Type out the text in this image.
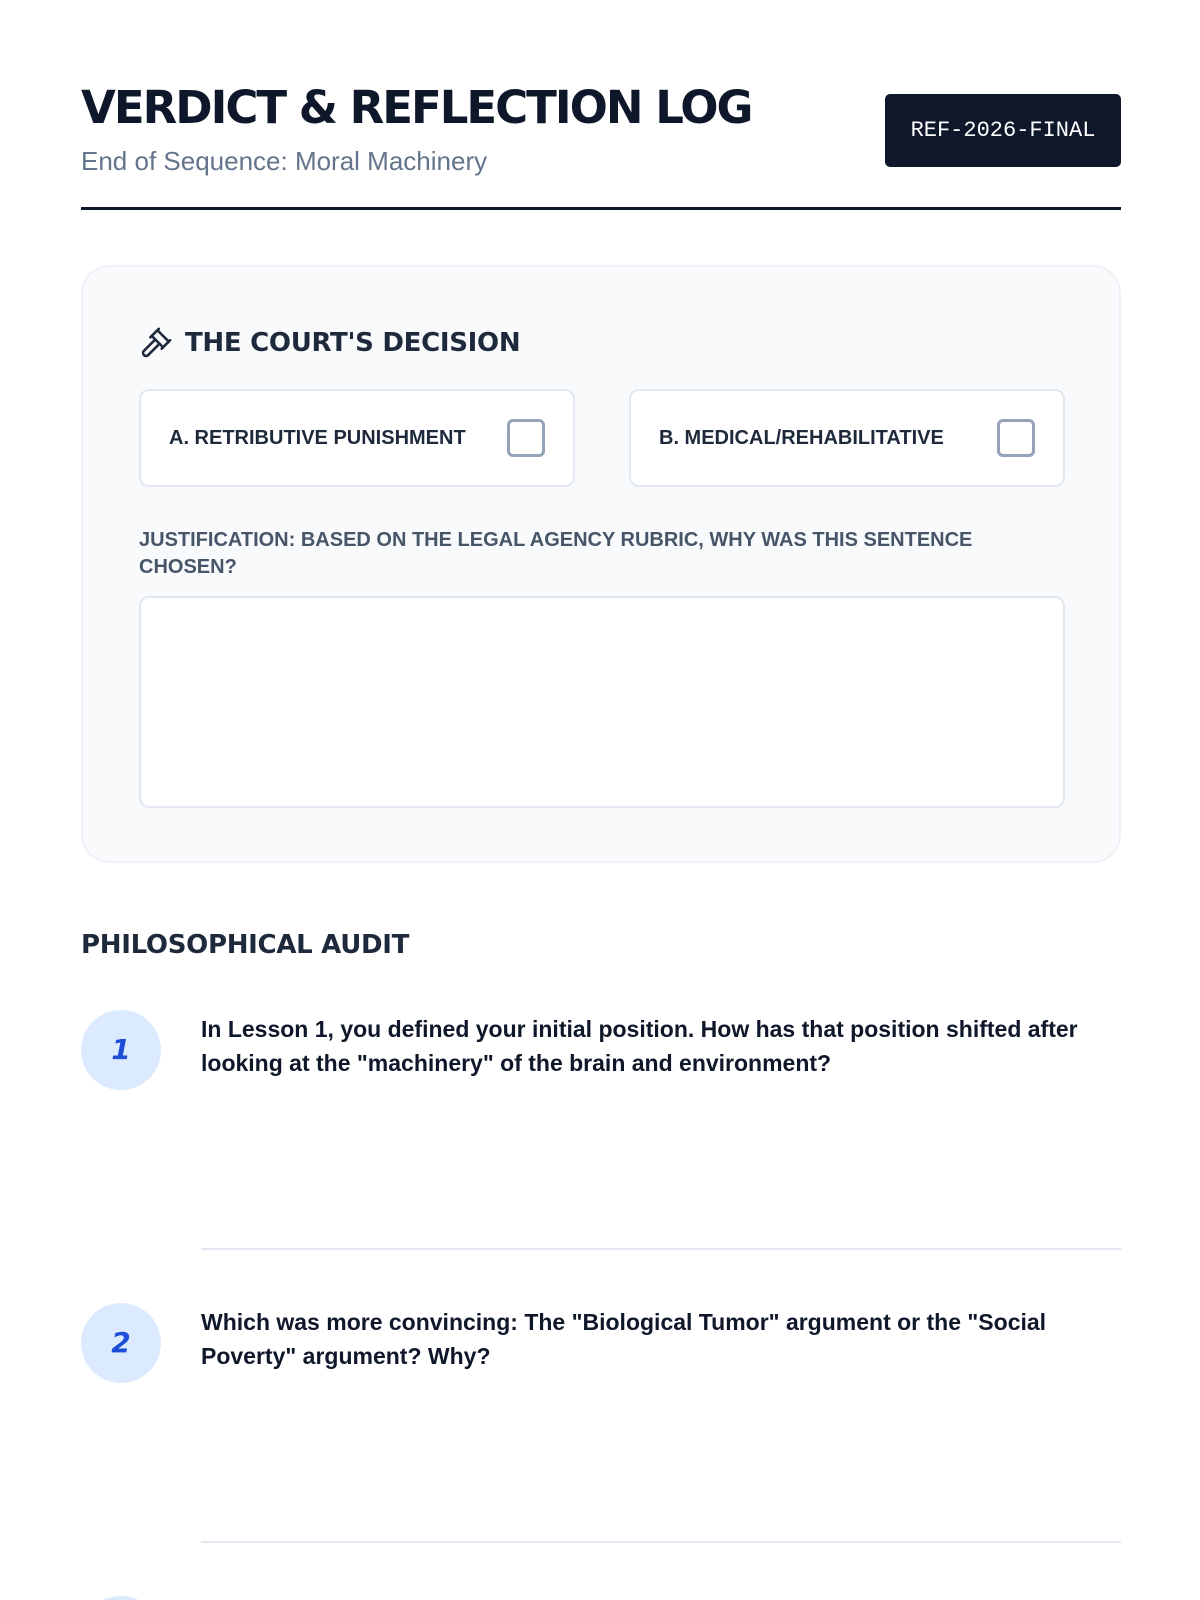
VERDICT & REFLECTION LOG
End of Sequence: Moral Machinery
REF-2026-FINAL
THE COURT'S DECISION
A. RETRIBUTIVE PUNISHMENT	B. MEDICAL/REHABILITATIVE
JUSTIFICATION: BASED ON THE LEGAL AGENCY RUBRIC, WHY WAS THIS SENTENCE CHOSEN?
PHILOSOPHICAL AUDIT
1
In Lesson 1, you defined your initial position. How has that position shifted after looking at the "machinery" of the brain and environment?
2
Which was more convincing: The "Biological Tumor" argument or the "Social Poverty" argument? Why?
